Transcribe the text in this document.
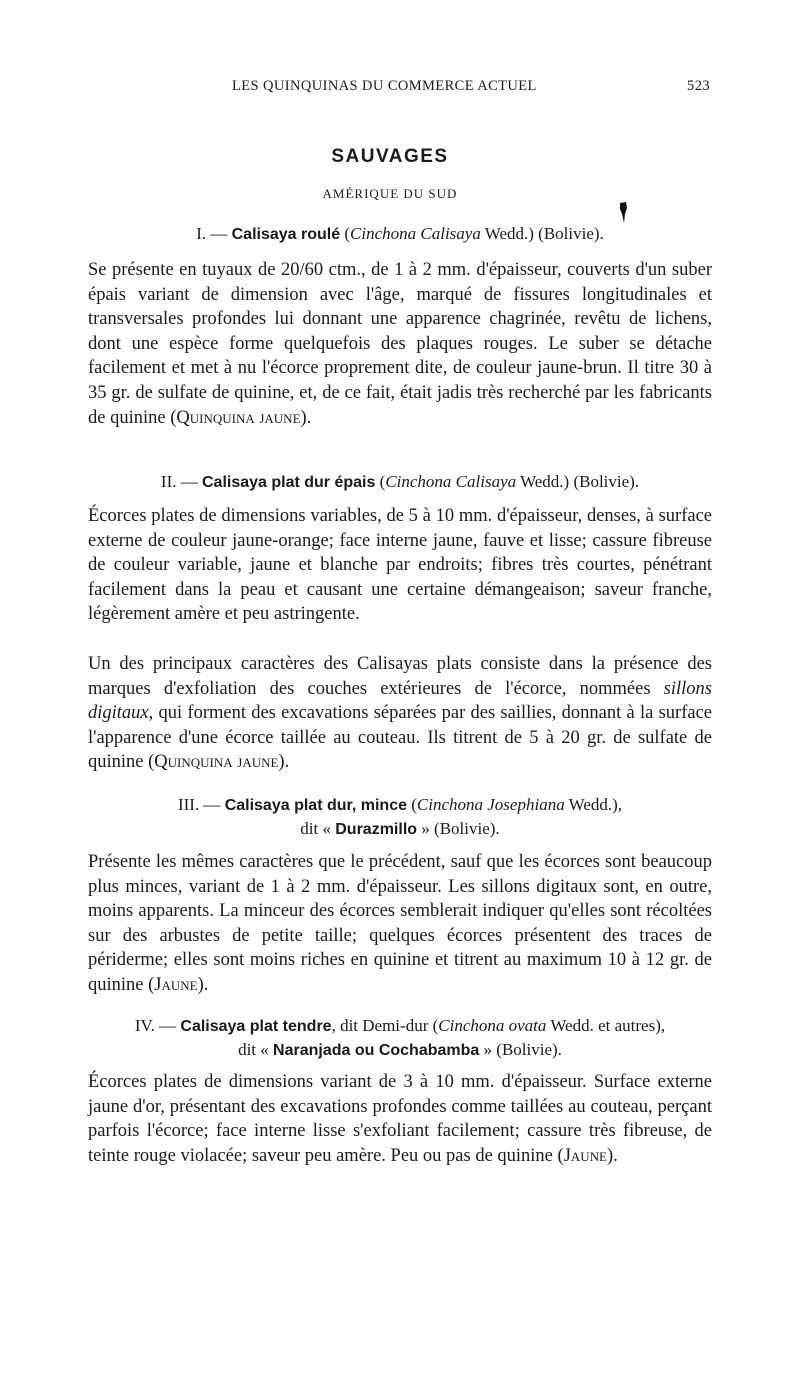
LES QUINQUINAS DU COMMERCE ACTUEL	523
SAUVAGES
AMÉRIQUE DU SUD
I. — Calisaya roulé (Cinchona Calisaya Wedd.) (Bolivie).

Se présente en tuyaux de 20/60 ctm., de 1 à 2 mm. d'épaisseur, couverts d'un suber épais variant de dimension avec l'âge, marqué de fissures longitudinales et transversales profondes lui donnant une apparence chagrinée, revêtu de lichens, dont une espèce forme quelquefois des plaques rouges. Le suber se détache facilement et met à nu l'écorce proprement dite, de couleur jaune-brun. Il titre 30 à 35 gr. de sulfate de quinine, et, de ce fait, était jadis très recherché par les fabricants de quinine (Quinquina jaune).

II. — Calisaya plat dur épais (Cinchona Calisaya Wedd.) (Bolivie).

Écorces plates de dimensions variables, de 5 à 10 mm. d'épaisseur, denses, à surface externe de couleur jaune-orange; face interne jaune, fauve et lisse; cassure fibreuse de couleur variable, jaune et blanche par endroits; fibres très courtes, pénétrant facilement dans la peau et causant une certaine démangeaison; saveur franche, légèrement amère et peu astringente.

Un des principaux caractères des Calisayas plats consiste dans la présence des marques d'exfoliation des couches extérieures de l'écorce, nommées sillons digitaux, qui forment des excavations séparées par des saillies, donnant à la surface l'apparence d'une écorce taillée au couteau. Ils titrent de 5 à 20 gr. de sulfate de quinine (Quinquina jaune).

III. — Calisaya plat dur, mince (Cinchona Josephiana Wedd.),
dit « Durazmillo » (Bolivie).

Présente les mêmes caractères que le précédent, sauf que les écorces sont beaucoup plus minces, variant de 1 à 2 mm. d'épaisseur. Les sillons digitaux sont, en outre, moins apparents. La minceur des écorces semblerait indiquer qu'elles sont récoltées sur des arbustes de petite taille; quelques écorces présentent des traces de périderme; elles sont moins riches en quinine et titrent au maximum 10 à 12 gr. de quinine (Jaune).

IV. — Calisaya plat tendre, dit Demi-dur (Cinchona ovata Wedd. et autres),
dit « Naranjada ou Cochabamba » (Bolivie).

Écorces plates de dimensions variant de 3 à 10 mm. d'épaisseur. Surface externe jaune d'or, présentant des excavations profondes comme taillées au couteau, perçant parfois l'écorce; face interne lisse s'exfoliant facilement; cassure très fibreuse, de teinte rouge violacée; saveur peu amère. Peu ou pas de quinine (Jaune).
